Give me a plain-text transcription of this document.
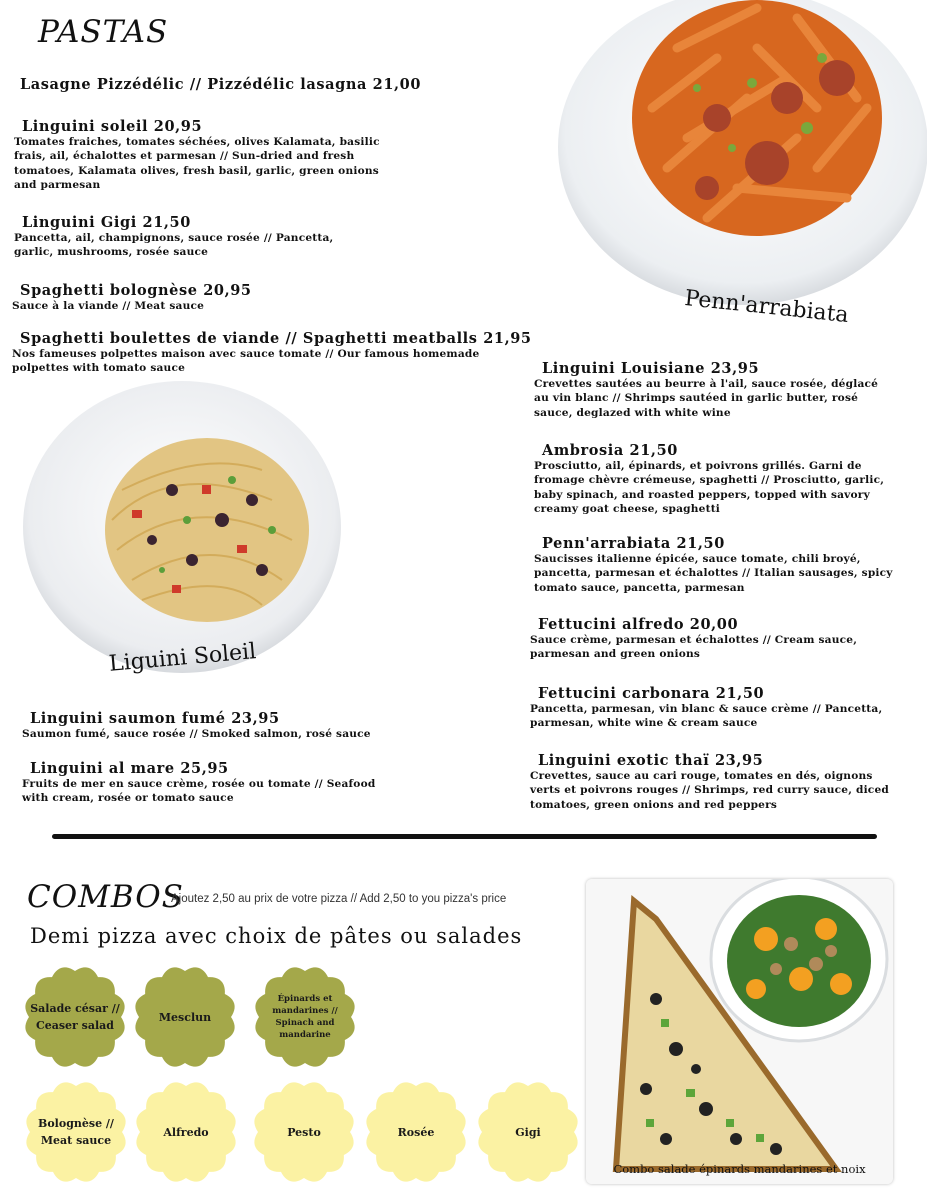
PASTAS
Penn'arrabiata
Lasagne Pizzédélic // Pizzédélic lasagna 21,00
Linguini soleil 20,95
Tomates fraiches, tomates séchées, olives Kalamata, basilic frais, ail, échalottes et parmesan // Sun-dried and fresh tomatoes, Kalamata olives, fresh basil, garlic, green onions and parmesan
Linguini Gigi 21,50
Pancetta, ail, champignons, sauce rosée // Pancetta, garlic, mushrooms, rosée sauce
Spaghetti bolognèse 20,95
Sauce à la viande // Meat sauce
Spaghetti boulettes de viande // Spaghetti meatballs 21,95
Nos fameuses polpettes maison avec sauce tomate // Our famous homemade polpettes with tomato sauce
Liguini Soleil
Linguini saumon fumé 23,95
Saumon fumé, sauce rosée // Smoked salmon, rosé sauce
Linguini al mare 25,95
Fruits de mer en sauce crème, rosée ou tomate // Seafood with cream, rosée or tomato sauce
Linguini Louisiane 23,95
Crevettes sautées au beurre à l'ail, sauce rosée, déglacé au vin blanc // Shrimps sautéed in garlic butter, rosé sauce, deglazed with white wine
Ambrosia 21,50
Prosciutto, ail, épinards, et poivrons grillés. Garni de fromage chèvre crémeuse, spaghetti // Prosciutto, garlic, baby spinach, and roasted peppers, topped with savory creamy goat cheese, spaghetti
Penn'arrabiata 21,50
Saucisses italienne épicée, sauce tomate, chili broyé, pancetta, parmesan et échalottes // Italian sausages, spicy tomato sauce, pancetta, parmesan
Fettucini alfredo 20,00
Sauce crème, parmesan et échalottes // Cream sauce, parmesan and green onions
Fettucini carbonara 21,50
Pancetta, parmesan, vin blanc & sauce crème // Pancetta, parmesan, white wine & cream sauce
Linguini exotic thaï 23,95
Crevettes, sauce au cari rouge, tomates en dés, oignons verts et poivrons rouges // Shrimps, red curry sauce, diced tomatoes, green onions and red peppers
COMBOS
Ajoutez 2,50 au prix de votre pizza // Add 2,50 to you pizza's price
Demi pizza avec choix de pâtes ou salades
Salade césar // Ceaser salad
Mesclun
Épinards et mandarines // Spinach and mandarine
Bolognèse // Meat sauce
Alfredo	Pesto	Rosée	Gigi
Combo salade épinards mandarines et noix
